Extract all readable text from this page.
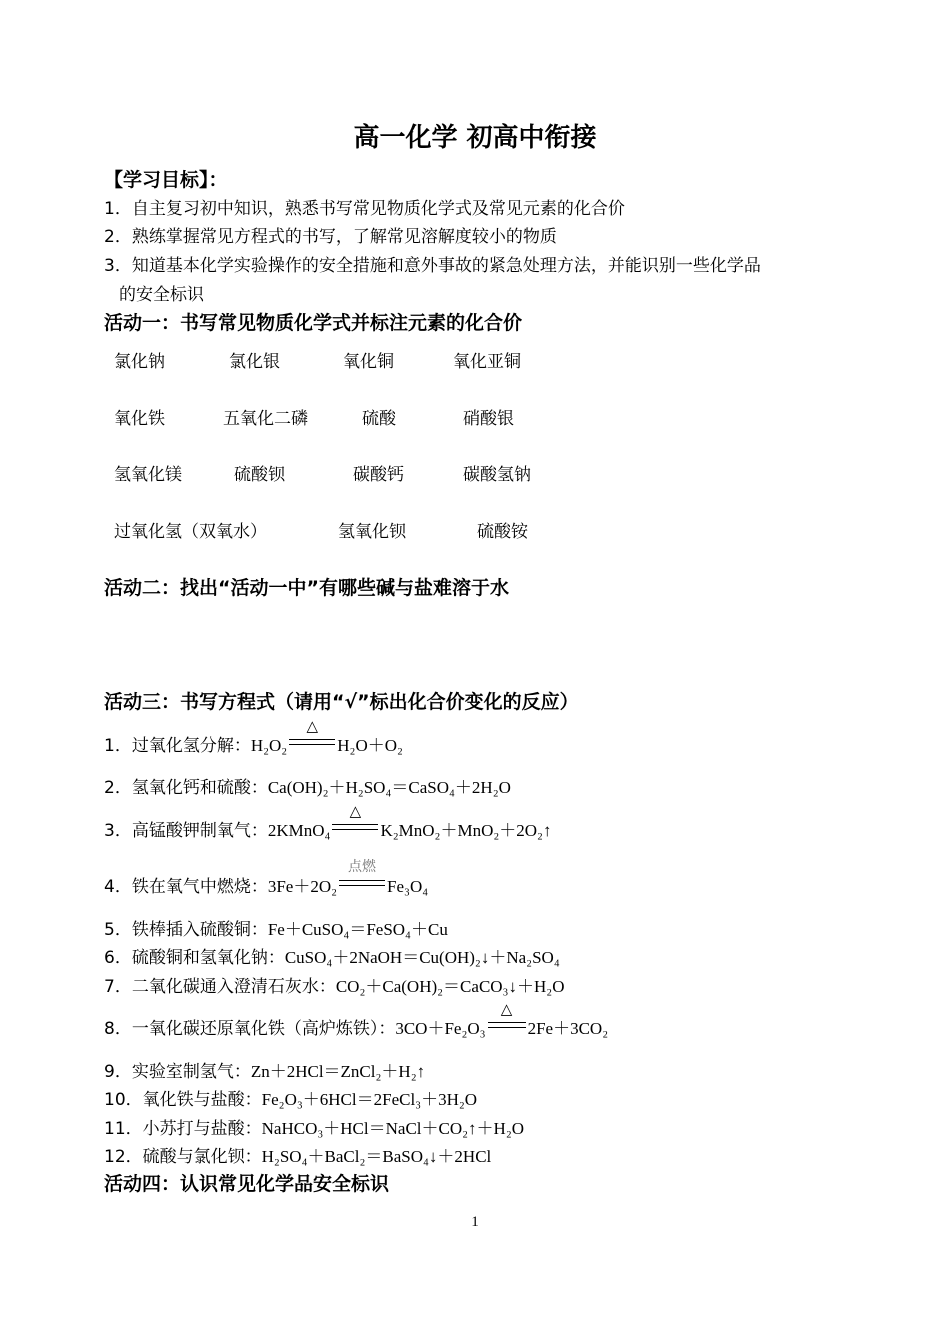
高一化学 初高中衔接
【学习目标】：
1．自主复习初中知识，熟悉书写常见物质化学式及常见元素的化合价
2．熟练掌握常见方程式的书写，了解常见溶解度较小的物质
3．知道基本化学实验操作的安全措施和意外事故的紧急处理方法，并能识别一些化学品
的安全标识
活动一：书写常见物质化学式并标注元素的化合价
氯化钠	氯化银	氧化铜	氧化亚铜
氧化铁	五氧化二磷	硫酸	硝酸银
氢氧化镁	硫酸钡	碳酸钙	碳酸氢钠
过氧化氢（双氧水）	氢氧化钡	硫酸铵
活动二：找出“活动一中”有哪些碱与盐难溶于水
活动三：书写方程式（请用“√”标出化合价变化的反应）
1．过氧化氢分解：H₂O₂
△
H₂O＋O₂
2．氢氧化钙和硫酸：Ca(OH)₂＋H₂SO₄＝CaSO₄＋2H₂O
3．高锰酸钾制氧气：2KMnO₄
△
K₂MnO₂＋MnO₂＋2O₂↑
4．铁在氧气中燃烧：3Fe＋2O₂
点燃
Fe₃O₄
5．铁棒插入硫酸铜：Fe＋CuSO₄＝FeSO₄＋Cu
6．硫酸铜和氢氧化钠：CuSO₄＋2NaOH＝Cu(OH)₂↓＋Na₂SO₄
7．二氧化碳通入澄清石灰水：CO₂＋Ca(OH)₂＝CaCO₃↓＋H₂O
8．一氧化碳还原氧化铁（高炉炼铁）：3CO＋Fe₂O₃
△
2Fe＋3CO₂
9．实验室制氢气：Zn＋2HCl＝ZnCl₂＋H₂↑
10．氧化铁与盐酸：Fe₂O₃＋6HCl＝2FeCl₃＋3H₂O
11．小苏打与盐酸：NaHCO₃＋HCl＝NaCl＋CO₂↑＋H₂O
12．硫酸与氯化钡：H₂SO₄＋BaCl₂＝BaSO₄↓＋2HCl
活动四：认识常见化学品安全标识
1
